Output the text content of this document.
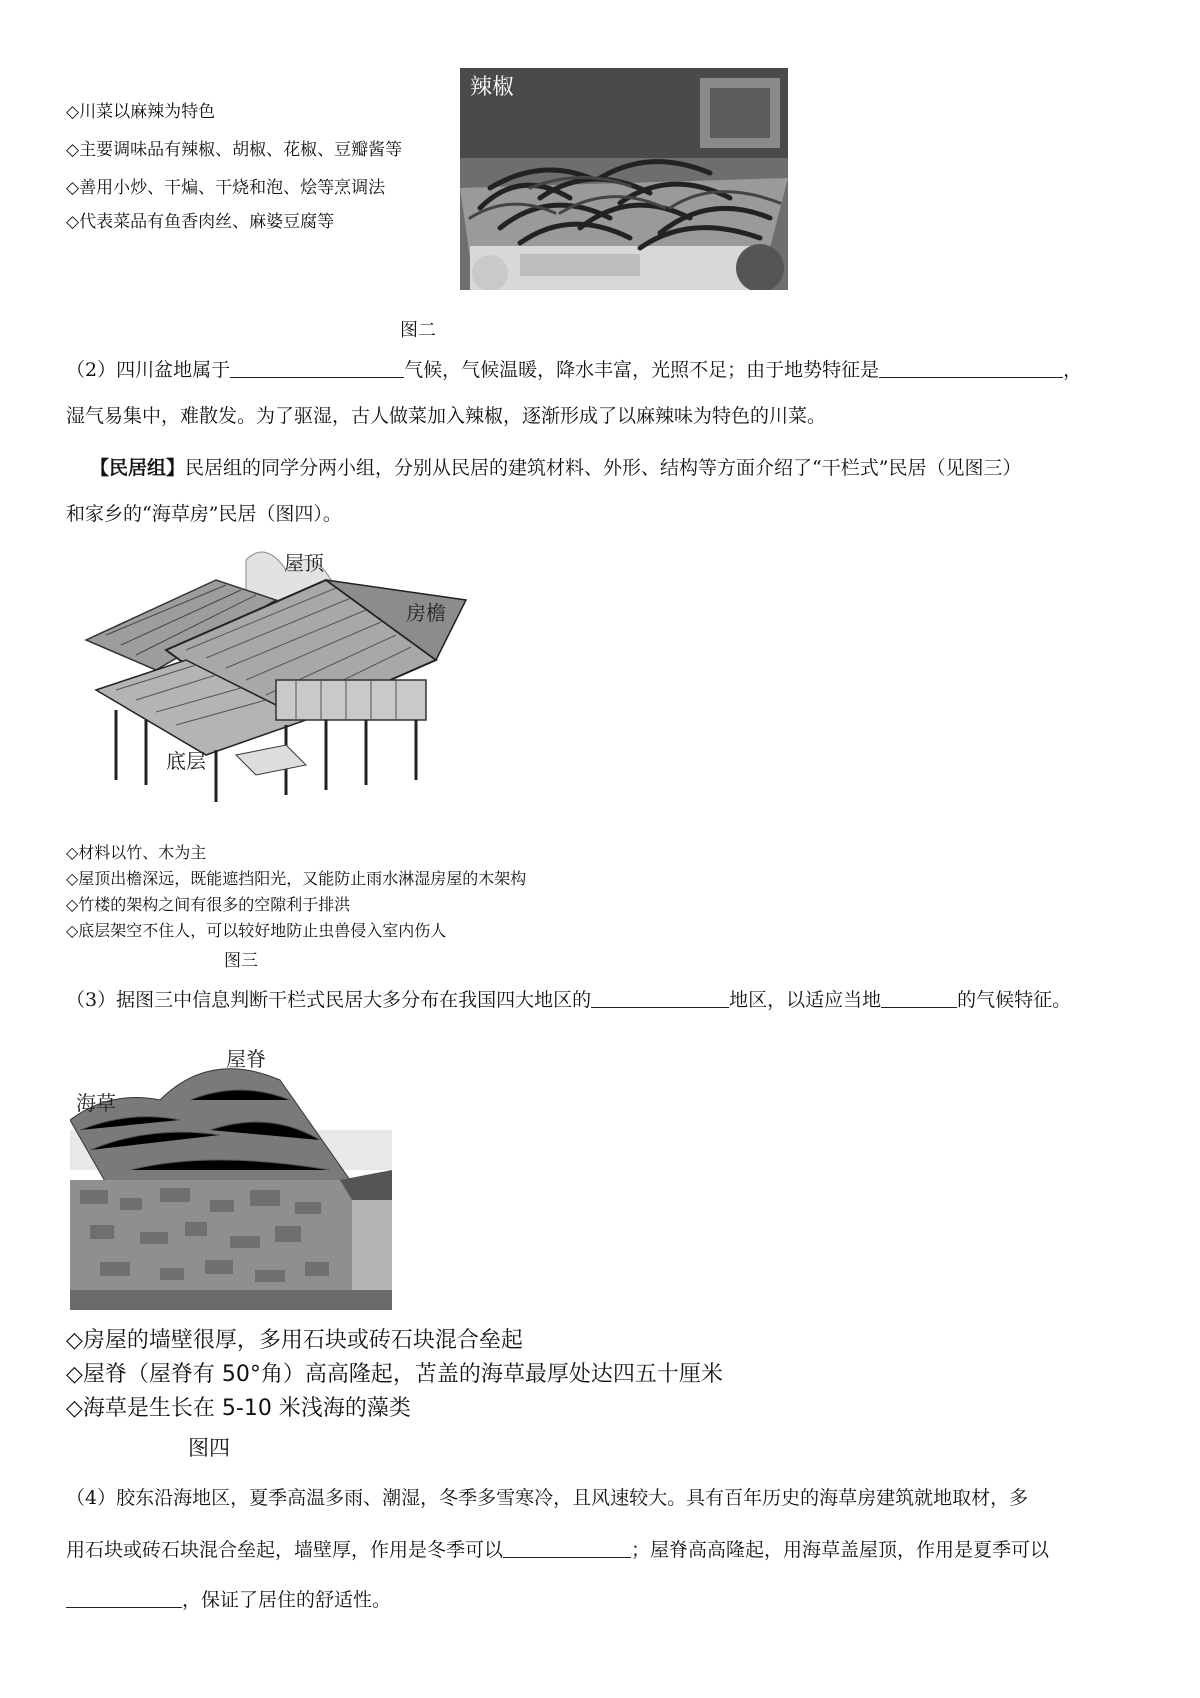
◇川菜以麻辣为特色
◇主要调味品有辣椒、胡椒、花椒、豆瓣酱等
◇善用小炒、干煸、干烧和泡、烩等烹调法
◇代表菜品有鱼香肉丝、麻婆豆腐等
辣椒
图二
（2）四川盆地属于	气候，气候温暖，降水丰富，光照不足；由于地势特征是	，
湿气易集中，难散发。为了驱湿，古人做菜加入辣椒，逐渐形成了以麻辣味为特色的川菜。
【民居组】民居组的同学分两小组，分别从民居的建筑材料、外形、结构等方面介绍了“干栏式”民居（见图三）
和家乡的“海草房”民居（图四）。
屋顶
房檐
底层
◇材料以竹、木为主
◇屋顶出檐深远，既能遮挡阳光，又能防止雨水淋湿房屋的木架构
◇竹楼的架构之间有很多的空隙利于排洪
◇底层架空不住人，可以较好地防止虫兽侵入室内伤人
图三
（3）据图三中信息判断干栏式民居大多分布在我国四大地区的	地区，以适应当地	的气候特征。
屋脊
海草
◇房屋的墙壁很厚，多用石块或砖石块混合垒起
◇屋脊（屋脊有 50°角）高高隆起，苫盖的海草最厚处达四五十厘米
◇海草是生长在 5-10 米浅海的藻类
图四
（4）胶东沿海地区，夏季高温多雨、潮湿，冬季多雪寒冷，且风速较大。具有百年历史的海草房建筑就地取材，多
用石块或砖石块混合垒起，墙壁厚，作用是冬季可以	；屋脊高高隆起，用海草盖屋顶，作用是夏季可以
，保证了居住的舒适性。
